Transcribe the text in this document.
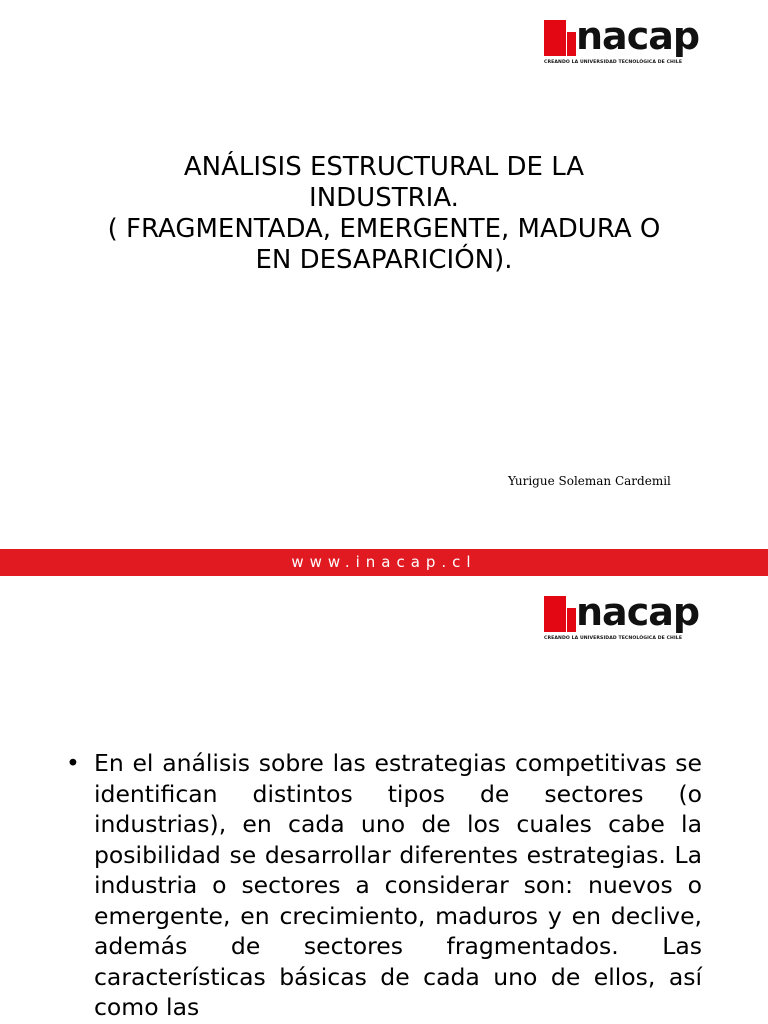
nacap
CREANDO LA UNIVERSIDAD TECNOLÓGICA DE CHILE
ANÁLISIS ESTRUCTURAL DE LA
INDUSTRIA.
( FRAGMENTADA, EMERGENTE, MADURA O
EN DESAPARICIÓN).
Yurigue Soleman Cardemil
www.inacap.cl
nacap
CREANDO LA UNIVERSIDAD TECNOLÓGICA DE CHILE
• En el análisis sobre las estrategias competitivas se identifican distintos tipos de sectores (o industrias), en cada uno de los cuales cabe la posibilidad se desarrollar diferentes estrategias. La industria o sectores a considerar son: nuevos o emergente, en crecimiento, maduros y en declive, además de sectores fragmentados. Las características básicas de cada uno de ellos, así como las
